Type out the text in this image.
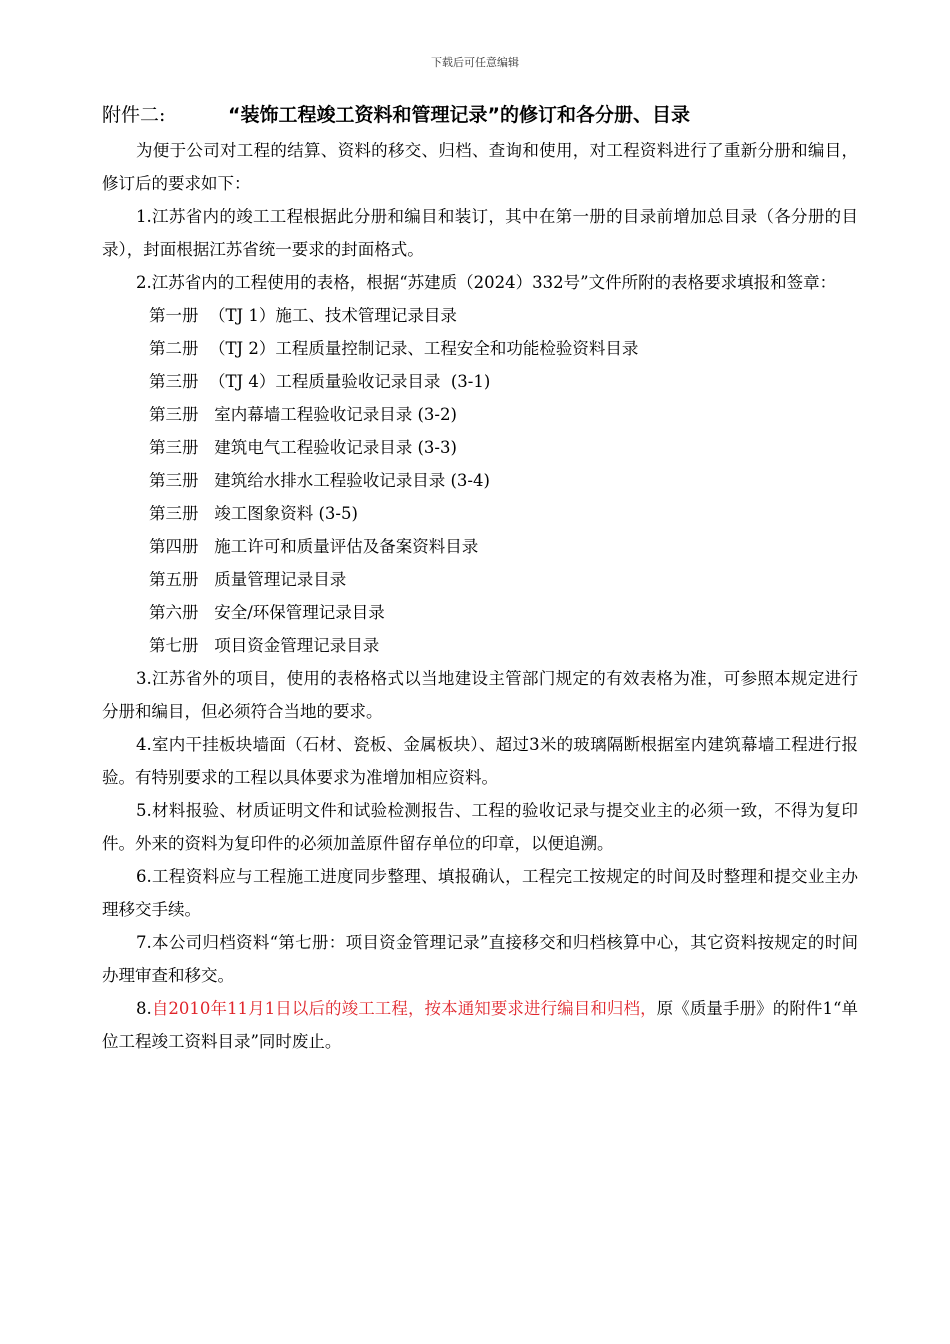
下载后可任意编辑
附件二:	“装饰工程竣工资料和管理记录”的修订和各分册、目录

为便于公司对工程的结算、资料的移交、归档、查询和使用，对工程资料进行了重新分册和编目，修订后的要求如下：

1.江苏省内的竣工工程根据此分册和编目和装订，其中在第一册的目录前增加总目录（各分册的目录），封面根据江苏省统一要求的封面格式。

2.江苏省内的工程使用的表格，根据“苏建质（2024）332号”文件所附的表格要求填报和签章：

第一册  （TJ 1）施工、技术管理记录目录

第二册  （TJ 2）工程质量控制记录、工程安全和功能检验资料目录

第三册  （TJ 4）工程质量验收记录目录  (3-1)

第三册   室内幕墙工程验收记录目录 (3-2)

第三册   建筑电气工程验收记录目录 (3-3)

第三册   建筑给水排水工程验收记录目录 (3-4)

第三册   竣工图象资料 (3-5)

第四册   施工许可和质量评估及备案资料目录

第五册   质量管理记录目录

第六册   安全/环保管理记录目录

第七册   项目资金管理记录目录

3.江苏省外的项目，使用的表格格式以当地建设主管部门规定的有效表格为准，可参照本规定进行分册和编目，但必须符合当地的要求。

4.室内干挂板块墙面（石材、瓷板、金属板块）、超过3米的玻璃隔断根据室内建筑幕墙工程进行报验。有特别要求的工程以具体要求为准增加相应资料。

5.材料报验、材质证明文件和试验检测报告、工程的验收记录与提交业主的必须一致，不得为复印件。外来的资料为复印件的必须加盖原件留存单位的印章，以便追溯。

6.工程资料应与工程施工进度同步整理、填报确认，工程完工按规定的时间及时整理和提交业主办理移交手续。

7.本公司归档资料“第七册：项目资金管理记录”直接移交和归档核算中心，其它资料按规定的时间办理审查和移交。

8.自2010年11月1日以后的竣工工程，按本通知要求进行编目和归档，原《质量手册》的附件1“单位工程竣工资料目录”同时废止。
